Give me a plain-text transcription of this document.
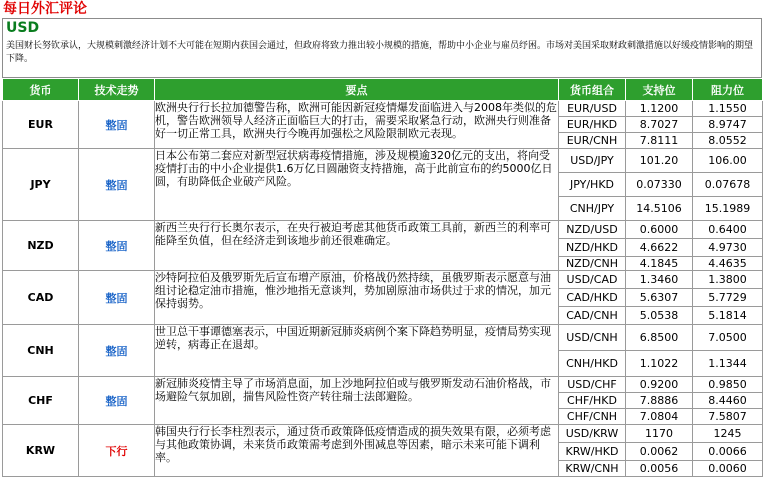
每日外汇评论
USD
美国财长努钦承认，大规模刺激经济计划不大可能在短期内获国会通过，但政府将致力推出较小规模的措施，帮助中小企业与雇员纾困。市场对美国采取财政刺激措施以好缓疫情影响的期望下降。
货币	技术走势	要点	货币组合	支持位	阻力位
EUR	整固	欧洲央行行长拉加德警告称，欧洲可能因新冠疫情爆发面临进入与2008年类似的危机，警告欧洲领导人经济正面临巨大的打击，需要采取紧急行动，欧洲央行则准备好一切正常工具，欧洲央行今晚再加强松之风险限制欧元表现。	EUR/USD	1.1200	1.1550
			EUR/HKD	8.7027	8.9747
			EUR/CNH	7.8111	8.0552
JPY	整固	日本公布第二套应对新型冠状病毒疫情措施，涉及规模逾320亿元的支出，将向受疫情打击的中小企业提供1.6万亿日圆融资支持措施，高于此前宣布的约5000亿日圆，有助降低企业破产风险。	USD/JPY	101.20	106.00
			JPY/HKD	0.07330	0.07678
			CNH/JPY	14.5106	15.1989
NZD	整固	新西兰央行行长奥尔表示，在央行被迫考虑其他货币政策工具前，新西兰的利率可能降至负值，但在经济走到该地步前还很难确定。	NZD/USD	0.6000	0.6400
			NZD/HKD	4.6622	4.9730
			NZD/CNH	4.1845	4.4635
CAD	整固	沙特阿拉伯及俄罗斯先后宣布增产原油，价格战仍然持续，虽俄罗斯表示愿意与油组讨论稳定油市措施，惟沙地指无意谈判，势加剧原油市场供过于求的情况，加元保持弱势。	USD/CAD	1.3460	1.3800
			CAD/HKD	5.6307	5.7729
			CAD/CNH	5.0538	5.1814
CNH	整固	世卫总干事谭德塞表示，中国近期新冠肺炎病例个案下降趋势明显，疫情局势实现逆转，病毒正在退却。	USD/CNH	6.8500	7.0500
			CNH/HKD	1.1022	1.1344
CHF	整固	新冠肺炎疫情主导了市场消息面，加上沙地阿拉伯或与俄罗斯发动石油价格战，市场避险气氛加剧，揣售风险性资产转往瑞士法郎避险。	USD/CHF	0.9200	0.9850
			CHF/HKD	7.8886	8.4460
			CHF/CNH	7.0804	7.5807
KRW	下行	韩国央行行长李柱烈表示，通过货币政策降低疫情造成的损失效果有限，必须考虑与其他政策协调，未来货币政策需考虑到外围减息等因素，暗示未来可能下调利率。	USD/KRW	1170	1245
			KRW/HKD	0.0062	0.0066
			KRW/CNH	0.0056	0.0060
